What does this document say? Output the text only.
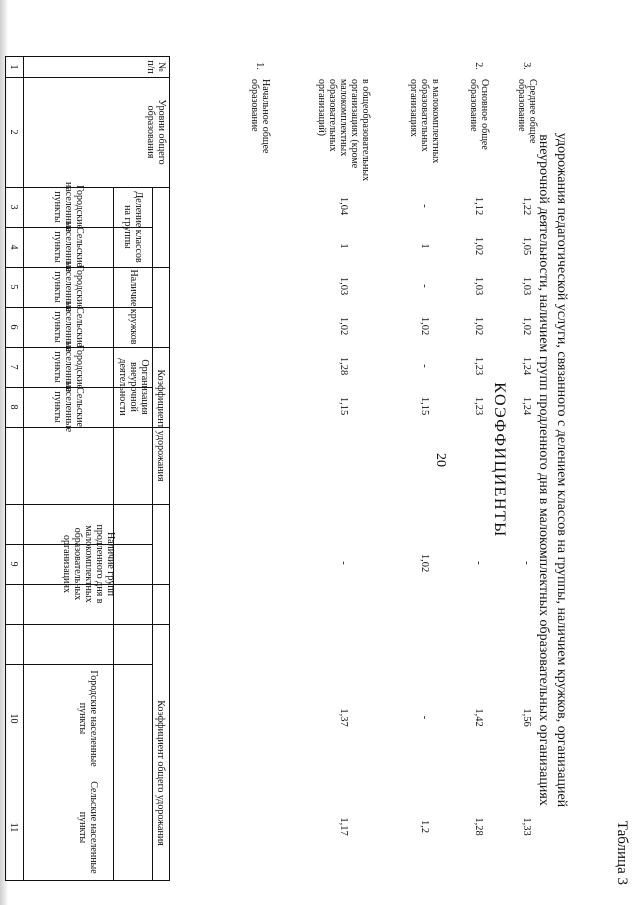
20
Таблица 3
КОЭФФИЦИЕНТЫ	удорожания педагогической услуги, связанного с делением классов на группы, наличием кружков, организацией
внеурочной деятельности, наличием групп продленного дня в малокомплектных образовательных организациях
№ п/п
Уровни общего образования
Коэффициент удорожания
Коэффициент общего удорожания
Деление классов на группы
Наличие кружков
Организация внеурочной деятельности
Наличие групп продленного дня в малокомплектных образовательных организациях
Городские населенные пункты
Сельские населенные пункты
Городские населенные пункты
Сельские населенные пункты
Городские населенные пункты
Сельские населенные пункты
Городские населенные пункты
Сельские населенные пункты
1
2
3
4
5
6
7
8
9
10
11
1.
Начальное общее образование	в общеобразовательных организациях (кроме малокомплектных образовательных организаций)
1,04
1
1,03
1,02
1,28
1,15
-
1,37
1,17
в малокомплектных образовательных организациях
-
1
-
1,02
-
1,15
1,02
-
1,2
2.
Основное общее образование
1,12
1,02
1,03
1,02
1,23
1,23
-
1,42
1,28
3.
Среднее общее образование
1,22
1,05
1,03
1,02
1,24
1,24
-
1,56
1,33
